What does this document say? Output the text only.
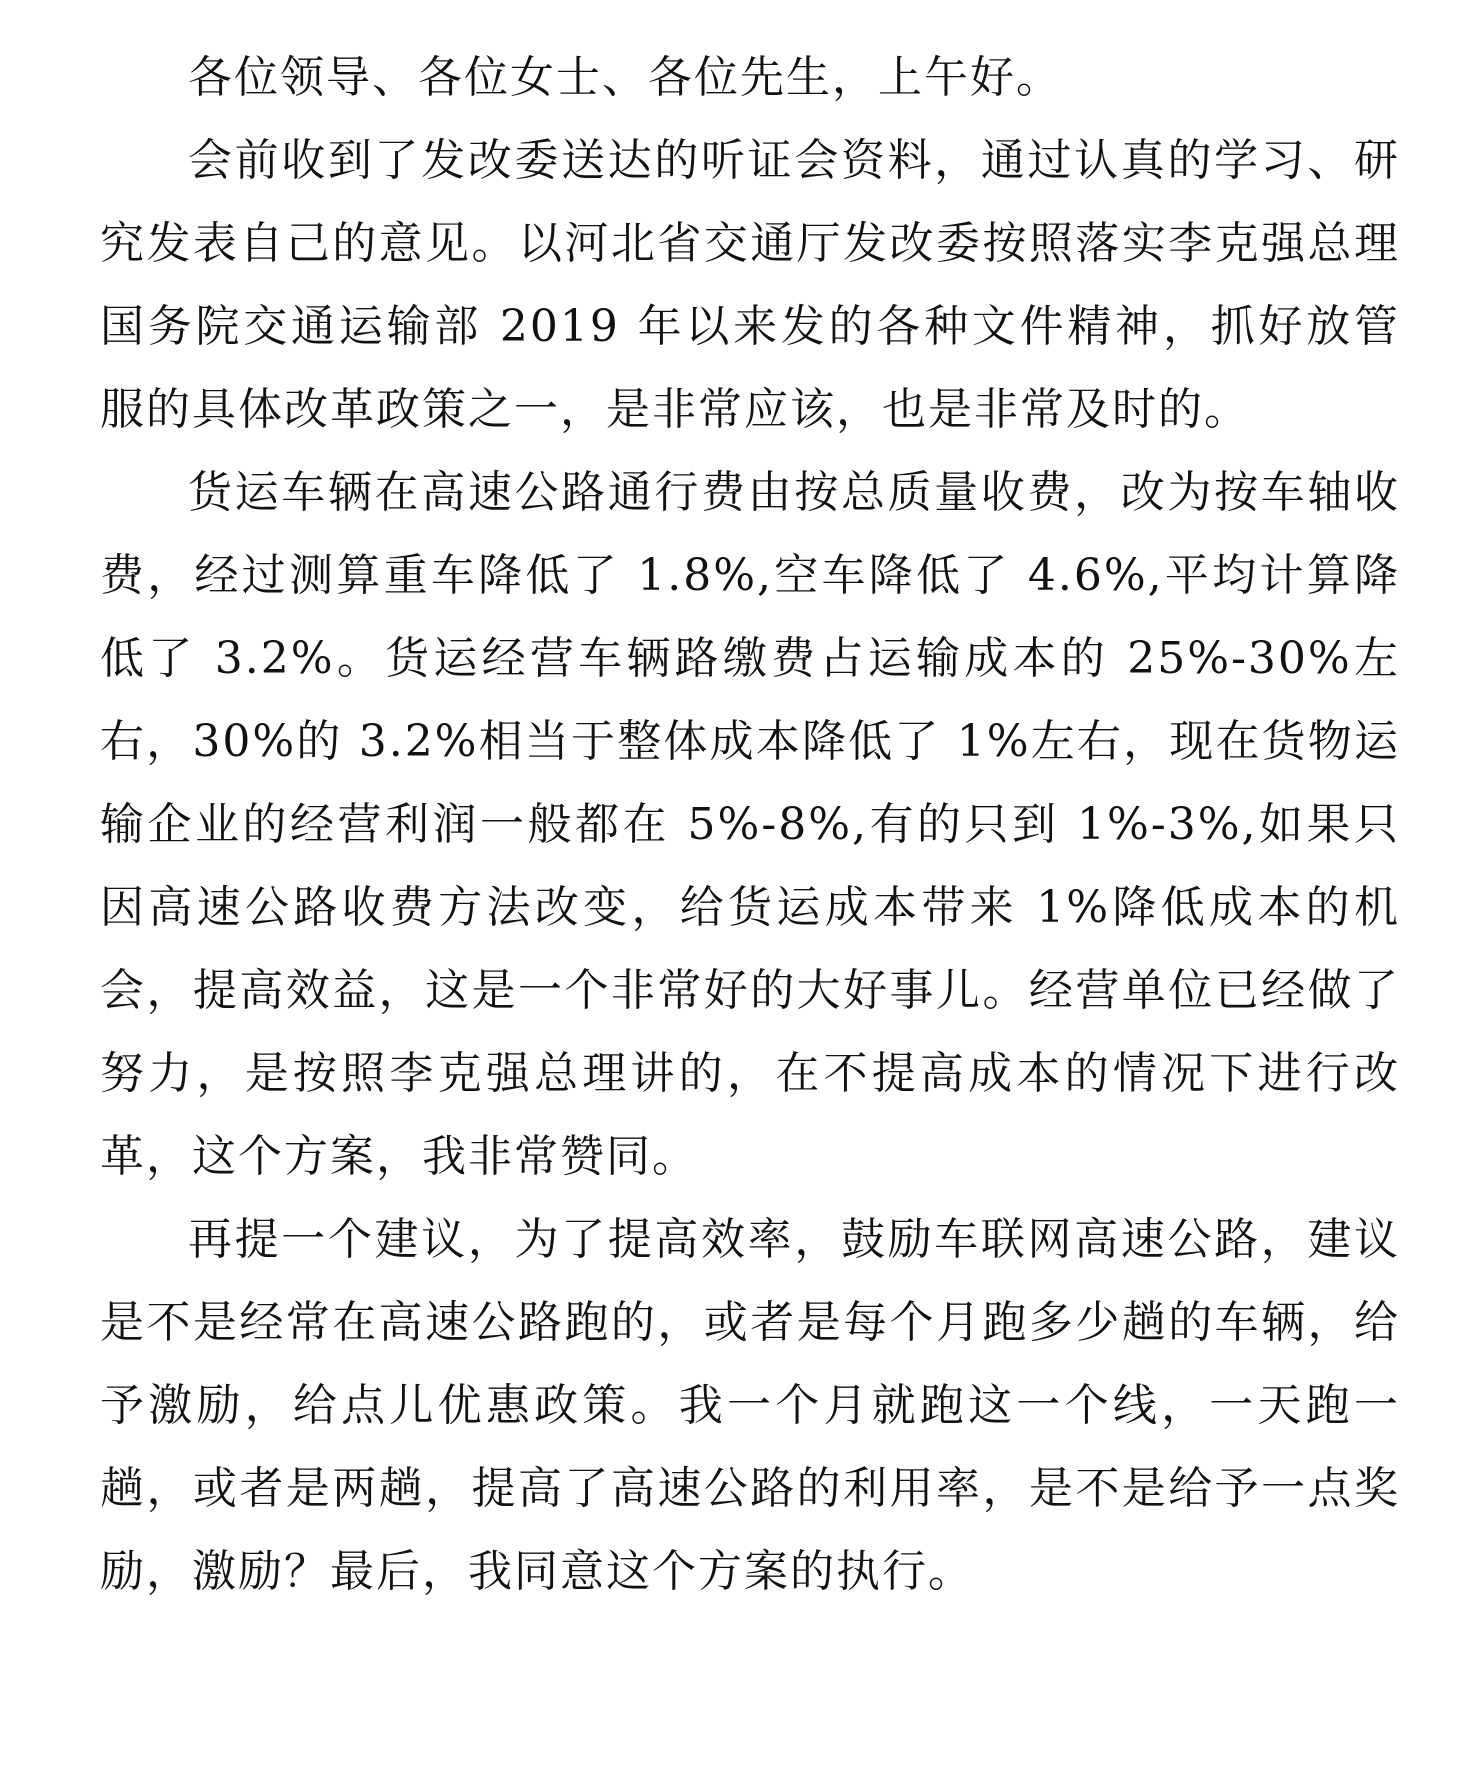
各位领导、各位女士、各位先生，上午好。

会前收到了发改委送达的听证会资料，通过认真的学习、研究发表自己的意见。以河北省交通厅发改委按照落实李克强总理国务院交通运输部 2019 年以来发的各种文件精神，抓好放管服的具体改革政策之一，是非常应该，也是非常及时的。

货运车辆在高速公路通行费由按总质量收费，改为按车轴收费，经过测算重车降低了 1.8%,空车降低了 4.6%,平均计算降低了 3.2%。货运经营车辆路缴费占运输成本的 25%-30%左右，30%的 3.2%相当于整体成本降低了 1%左右，现在货物运输企业的经营利润一般都在 5%-8%,有的只到 1%-3%,如果只因高速公路收费方法改变，给货运成本带来 1%降低成本的机会，提高效益，这是一个非常好的大好事儿。经营单位已经做了努力，是按照李克强总理讲的，在不提高成本的情况下进行改革，这个方案，我非常赞同。

再提一个建议，为了提高效率，鼓励车联网高速公路，建议是不是经常在高速公路跑的，或者是每个月跑多少趟的车辆，给予激励，给点儿优惠政策。我一个月就跑这一个线，一天跑一趟，或者是两趟，提高了高速公路的利用率，是不是给予一点奖励，激励？最后，我同意这个方案的执行。
